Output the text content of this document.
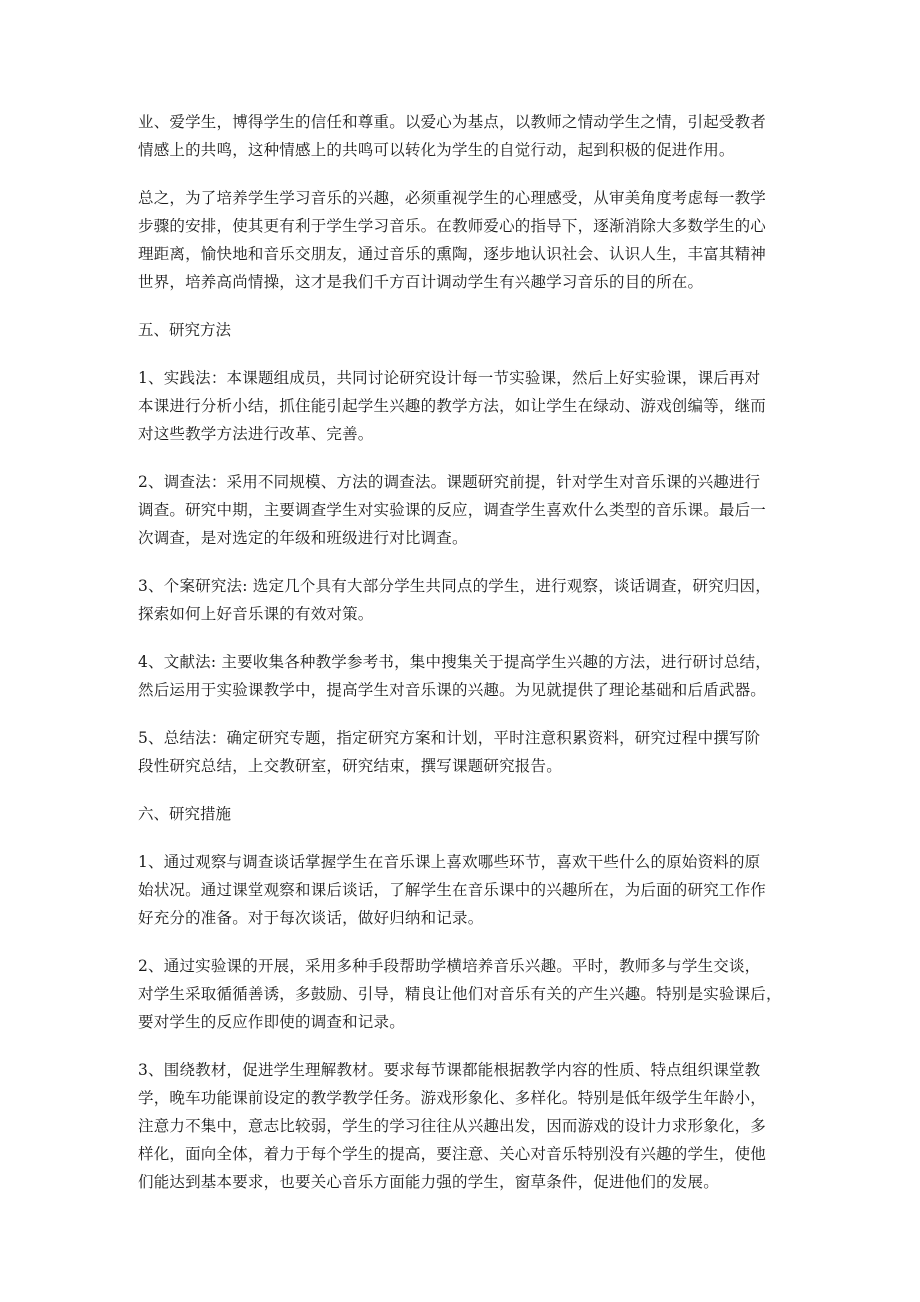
业、爱学生，博得学生的信任和尊重。以爱心为基点，以教师之情动学生之情，引起受教者
情感上的共鸣，这种情感上的共鸣可以转化为学生的自觉行动，起到积极的促进作用。
总之，为了培养学生学习音乐的兴趣，必须重视学生的心理感受，从审美角度考虑每一教学
步骤的安排，使其更有利于学生学习音乐。在教师爱心的指导下，逐渐消除大多数学生的心
理距离，愉快地和音乐交朋友，通过音乐的熏陶，逐步地认识社会、认识人生，丰富其精神
世界，培养高尚情操，这才是我们千方百计调动学生有兴趣学习音乐的目的所在。
五、研究方法
1、实践法：本课题组成员，共同讨论研究设计每一节实验课，然后上好实验课，课后再对
本课进行分析小结，抓住能引起学生兴趣的教学方法，如让学生在绿动、游戏创编等，继而
对这些教学方法进行改革、完善。
2、调查法：采用不同规模、方法的调查法。课题研究前提，针对学生对音乐课的兴趣进行
调查。研究中期，主要调查学生对实验课的反应，调查学生喜欢什么类型的音乐课。最后一
次调查，是对选定的年级和班级进行对比调查。
3、个案研究法: 选定几个具有大部分学生共同点的学生，进行观察，谈话调查，研究归因，
探索如何上好音乐课的有效对策。
4、文献法: 主要收集各种教学参考书，集中搜集关于提高学生兴趣的方法，进行研讨总结，
然后运用于实验课教学中，提高学生对音乐课的兴趣。为见就提供了理论基础和后盾武器。
5、总结法：确定研究专题，指定研究方案和计划，平时注意积累资料，研究过程中撰写阶
段性研究总结，上交教研室，研究结束，撰写课题研究报告。
六、研究措施
1、通过观察与调查谈话掌握学生在音乐课上喜欢哪些环节，喜欢干些什么的原始资料的原
始状况。通过课堂观察和课后谈话，了解学生在音乐课中的兴趣所在，为后面的研究工作作
好充分的准备。对于每次谈话，做好归纳和记录。
2、通过实验课的开展，采用多种手段帮助学横培养音乐兴趣。平时，教师多与学生交谈，
对学生采取循循善诱，多鼓励、引导，精良让他们对音乐有关的产生兴趣。特别是实验课后，
要对学生的反应作即使的调查和记录。
3、围绕教材，促进学生理解教材。要求每节课都能根据教学内容的性质、特点组织课堂教
学，晚车功能课前设定的教学教学任务。游戏形象化、多样化。特别是低年级学生年龄小，
注意力不集中，意志比较弱，学生的学习往往从兴趣出发，因而游戏的设计力求形象化，多
样化，面向全体，着力于每个学生的提高，要注意、关心对音乐特别没有兴趣的学生，使他
们能达到基本要求，也要关心音乐方面能力强的学生，窗草条件，促进他们的发展。
